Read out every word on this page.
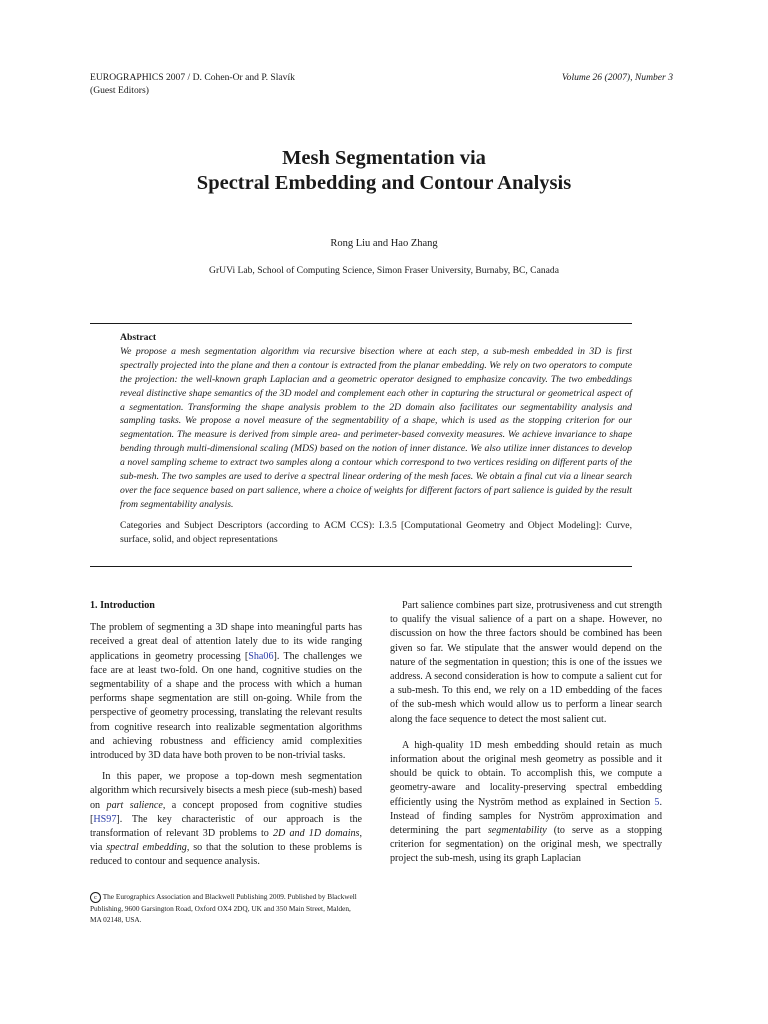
EUROGRAPHICS 2007 / D. Cohen-Or and P. Slavík
(Guest Editors)
Volume 26 (2007), Number 3
Mesh Segmentation via
Spectral Embedding and Contour Analysis
Rong Liu and Hao Zhang
GrUVi Lab, School of Computing Science, Simon Fraser University, Burnaby, BC, Canada
Abstract
We propose a mesh segmentation algorithm via recursive bisection where at each step, a sub-mesh embedded in 3D is first spectrally projected into the plane and then a contour is extracted from the planar embedding. We rely on two operators to compute the projection: the well-known graph Laplacian and a geometric operator designed to emphasize concavity. The two embeddings reveal distinctive shape semantics of the 3D model and complement each other in capturing the structural or geometrical aspect of a segmentation. Transforming the shape analysis problem to the 2D domain also facilitates our segmentability analysis and sampling tasks. We propose a novel measure of the segmentability of a shape, which is used as the stopping criterion for our segmentation. The measure is derived from simple area- and perimeter-based convexity measures. We achieve invariance to shape bending through multi-dimensional scaling (MDS) based on the notion of inner distance. We also utilize inner distances to develop a novel sampling scheme to extract two samples along a contour which correspond to two vertices residing on different parts of the sub-mesh. The two samples are used to derive a spectral linear ordering of the mesh faces. We obtain a final cut via a linear search over the face sequence based on part salience, where a choice of weights for different factors of part salience is guided by the result from segmentability analysis.
Categories and Subject Descriptors (according to ACM CCS): I.3.5 [Computational Geometry and Object Modeling]: Curve, surface, solid, and object representations
1. Introduction

The problem of segmenting a 3D shape into meaningful parts has received a great deal of attention lately due to its wide ranging applications in geometry processing [Sha06]. The challenges we face are at least two-fold. On one hand, cognitive studies on the segmentability of a shape and the process with which a human performs shape segmentation are still on-going. While from the perspective of geometry processing, translating the relevant results from cognitive research into realizable segmentation algorithms and achieving robustness and efficiency amid complexities introduced by 3D data have both proven to be non-trivial tasks.

In this paper, we propose a top-down mesh segmentation algorithm which recursively bisects a mesh piece (sub-mesh) based on part salience, a concept proposed from cognitive studies [HS97]. The key characteristic of our approach is the transformation of relevant 3D problems to 2D and 1D domains, via spectral embedding, so that the solution to these problems is reduced to contour and sequence analysis.

Part salience combines part size, protrusiveness and cut strength to qualify the visual salience of a part on a shape. However, no discussion on how the three factors should be combined has been given so far. We stipulate that the answer would depend on the nature of the segmentation in question; this is one of the issues we address. A second consideration is how to compute a salient cut for a sub-mesh. To this end, we rely on a 1D embedding of the faces of the sub-mesh which would allow us to perform a linear search along the face sequence to detect the most salient cut.

A high-quality 1D mesh embedding should retain as much information about the original mesh geometry as possible and it should be quick to obtain. To accomplish this, we compute a geometry-aware and locality-preserving spectral embedding efficiently using the Nyström method as explained in Section 5. Instead of finding samples for Nyström approximation and determining the part segmentability (to serve as a stopping criterion for segmentation) on the original mesh, we spectrally project the sub-mesh, using its graph Laplacian

c The Eurographics Association and Blackwell Publishing 2009. Published by Blackwell Publishing, 9600 Garsington Road, Oxford OX4 2DQ, UK and 350 Main Street, Malden, MA 02148, USA.
